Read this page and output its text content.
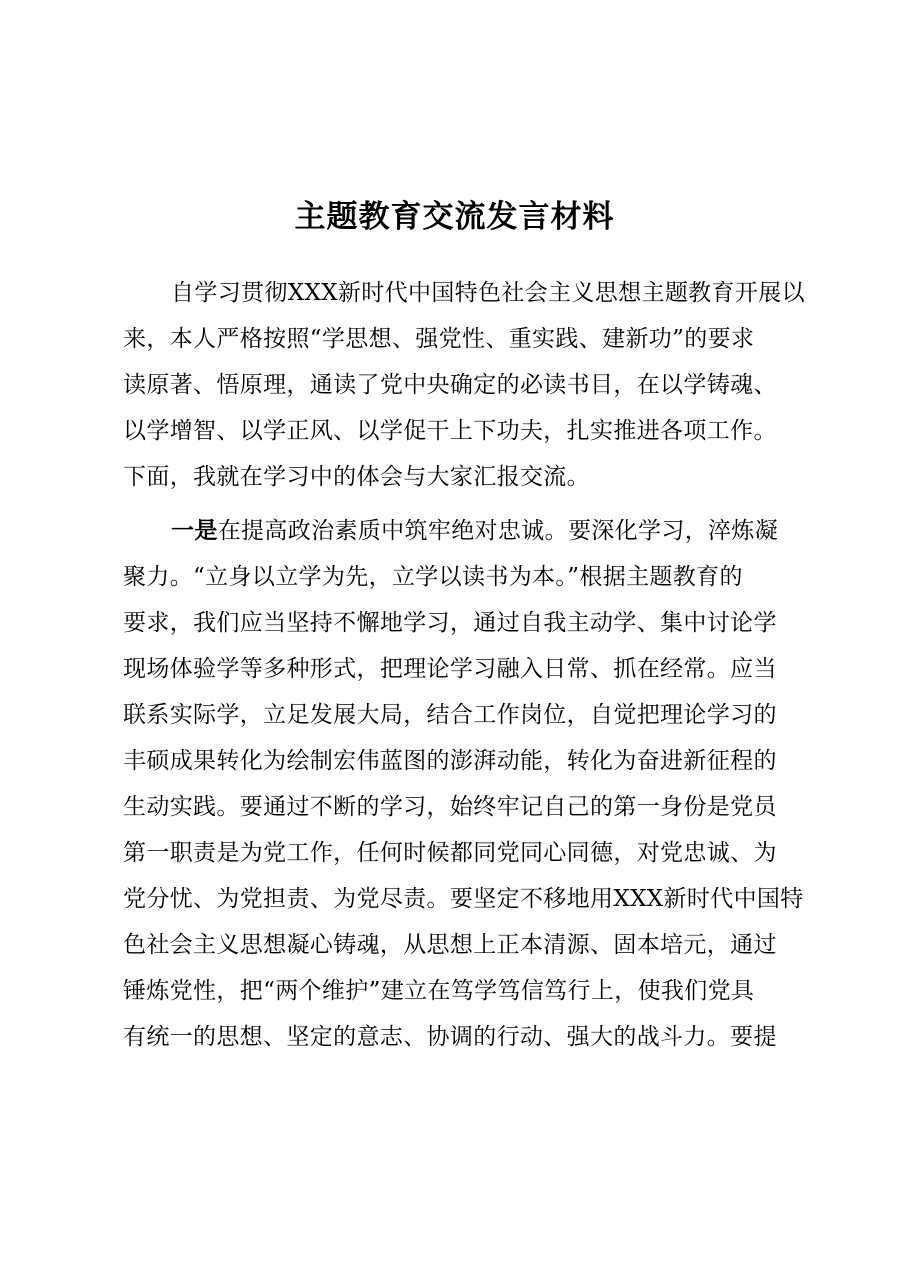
主题教育交流发言材料
自学习贯彻XXX新时代中国特色社会主义思想主题教育开展以
来，本人严格按照“学思想、强党性、重实践、建新功”的要求
读原著、悟原理，通读了党中央确定的必读书目，在以学铸魂、
以学增智、以学正风、以学促干上下功夫，扎实推进各项工作。
下面，我就在学习中的体会与大家汇报交流。
一是在提高政治素质中筑牢绝对忠诚。要深化学习，淬炼凝
聚力。“立身以立学为先，立学以读书为本。”根据主题教育的
要求，我们应当坚持不懈地学习，通过自我主动学、集中讨论学
现场体验学等多种形式，把理论学习融入日常、抓在经常。应当
联系实际学，立足发展大局，结合工作岗位，自觉把理论学习的
丰硕成果转化为绘制宏伟蓝图的澎湃动能，转化为奋进新征程的
生动实践。要通过不断的学习，始终牢记自己的第一身份是党员
第一职责是为党工作，任何时候都同党同心同德，对党忠诚、为
党分忧、为党担责、为党尽责。要坚定不移地用XXX新时代中国特
色社会主义思想凝心铸魂，从思想上正本清源、固本培元，通过
锤炼党性，把“两个维护”建立在笃学笃信笃行上，使我们党具
有统一的思想、坚定的意志、协调的行动、强大的战斗力。要提
